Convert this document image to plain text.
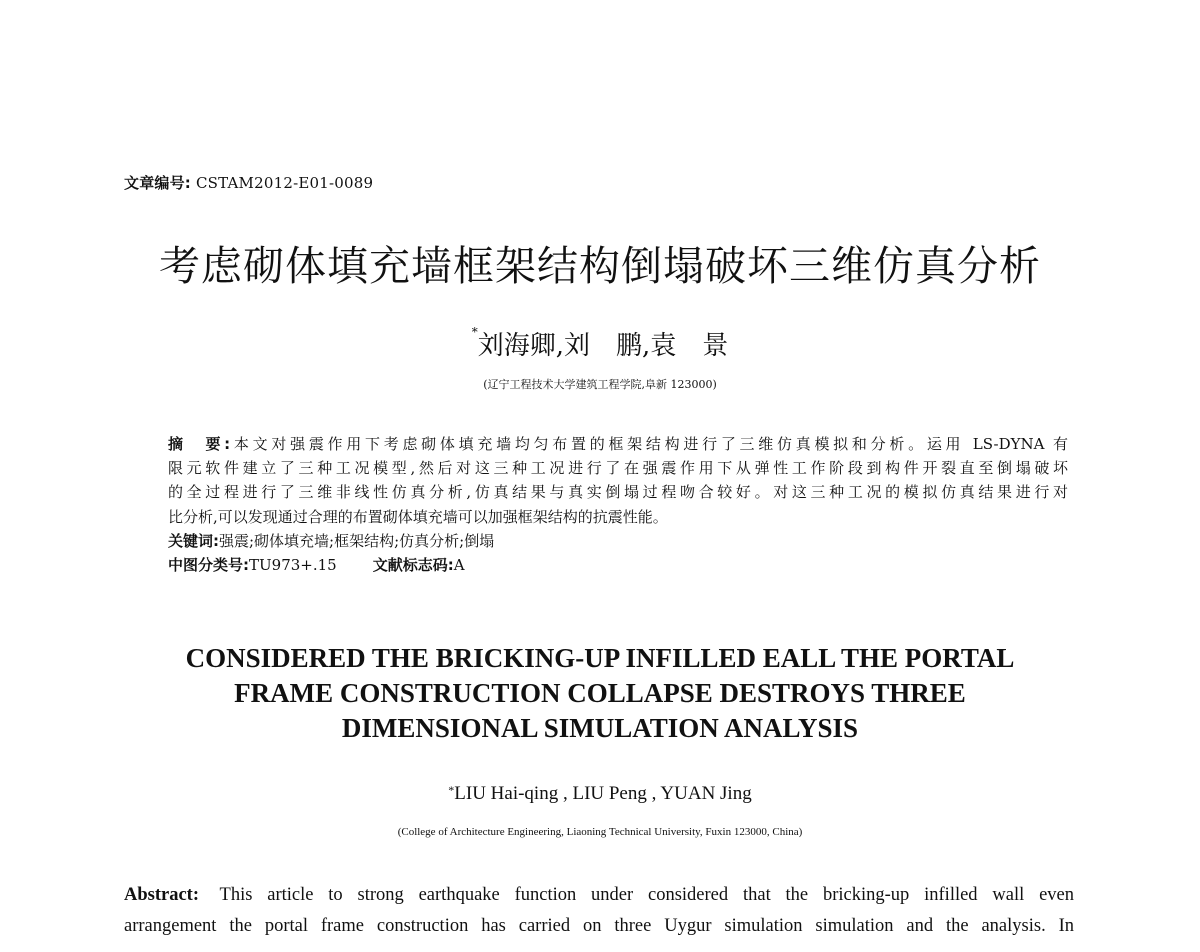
文章编号: CSTAM2012-E01-0089
考虑砌体填充墙框架结构倒塌破坏三维仿真分析
*刘海卿,刘　鹏,袁　景
(辽宁工程技术大学建筑工程学院,阜新 123000)
摘　要:本文对强震作用下考虑砌体填充墙均匀布置的框架结构进行了三维仿真模拟和分析。运用 LS-DYNA 有
限元软件建立了三种工况模型,然后对这三种工况进行了在强震作用下从弹性工作阶段到构件开裂直至倒塌破坏
的全过程进行了三维非线性仿真分析,仿真结果与真实倒塌过程吻合较好。对这三种工况的模拟仿真结果进行对
比分析,可以发现通过合理的布置砌体填充墙可以加强框架结构的抗震性能。
关键词:强震;砌体填充墙;框架结构;仿真分析;倒塌
中图分类号:TU973+.15 文献标志码:A
CONSIDERED THE BRICKING-UP INFILLED EALL THE PORTAL
FRAME CONSTRUCTION COLLAPSE DESTROYS THREE
DIMENSIONAL SIMULATION ANALYSIS
*LIU Hai-qing , LIU Peng , YUAN Jing
(College of Architecture Engineering, Liaoning Technical University, Fuxin 123000, China)
Abstract: This article to strong earthquake function under considered that the bricking-up infilled wall even
arrangement the portal frame construction has carried on three Uygur simulation simulation and the analysis. In
